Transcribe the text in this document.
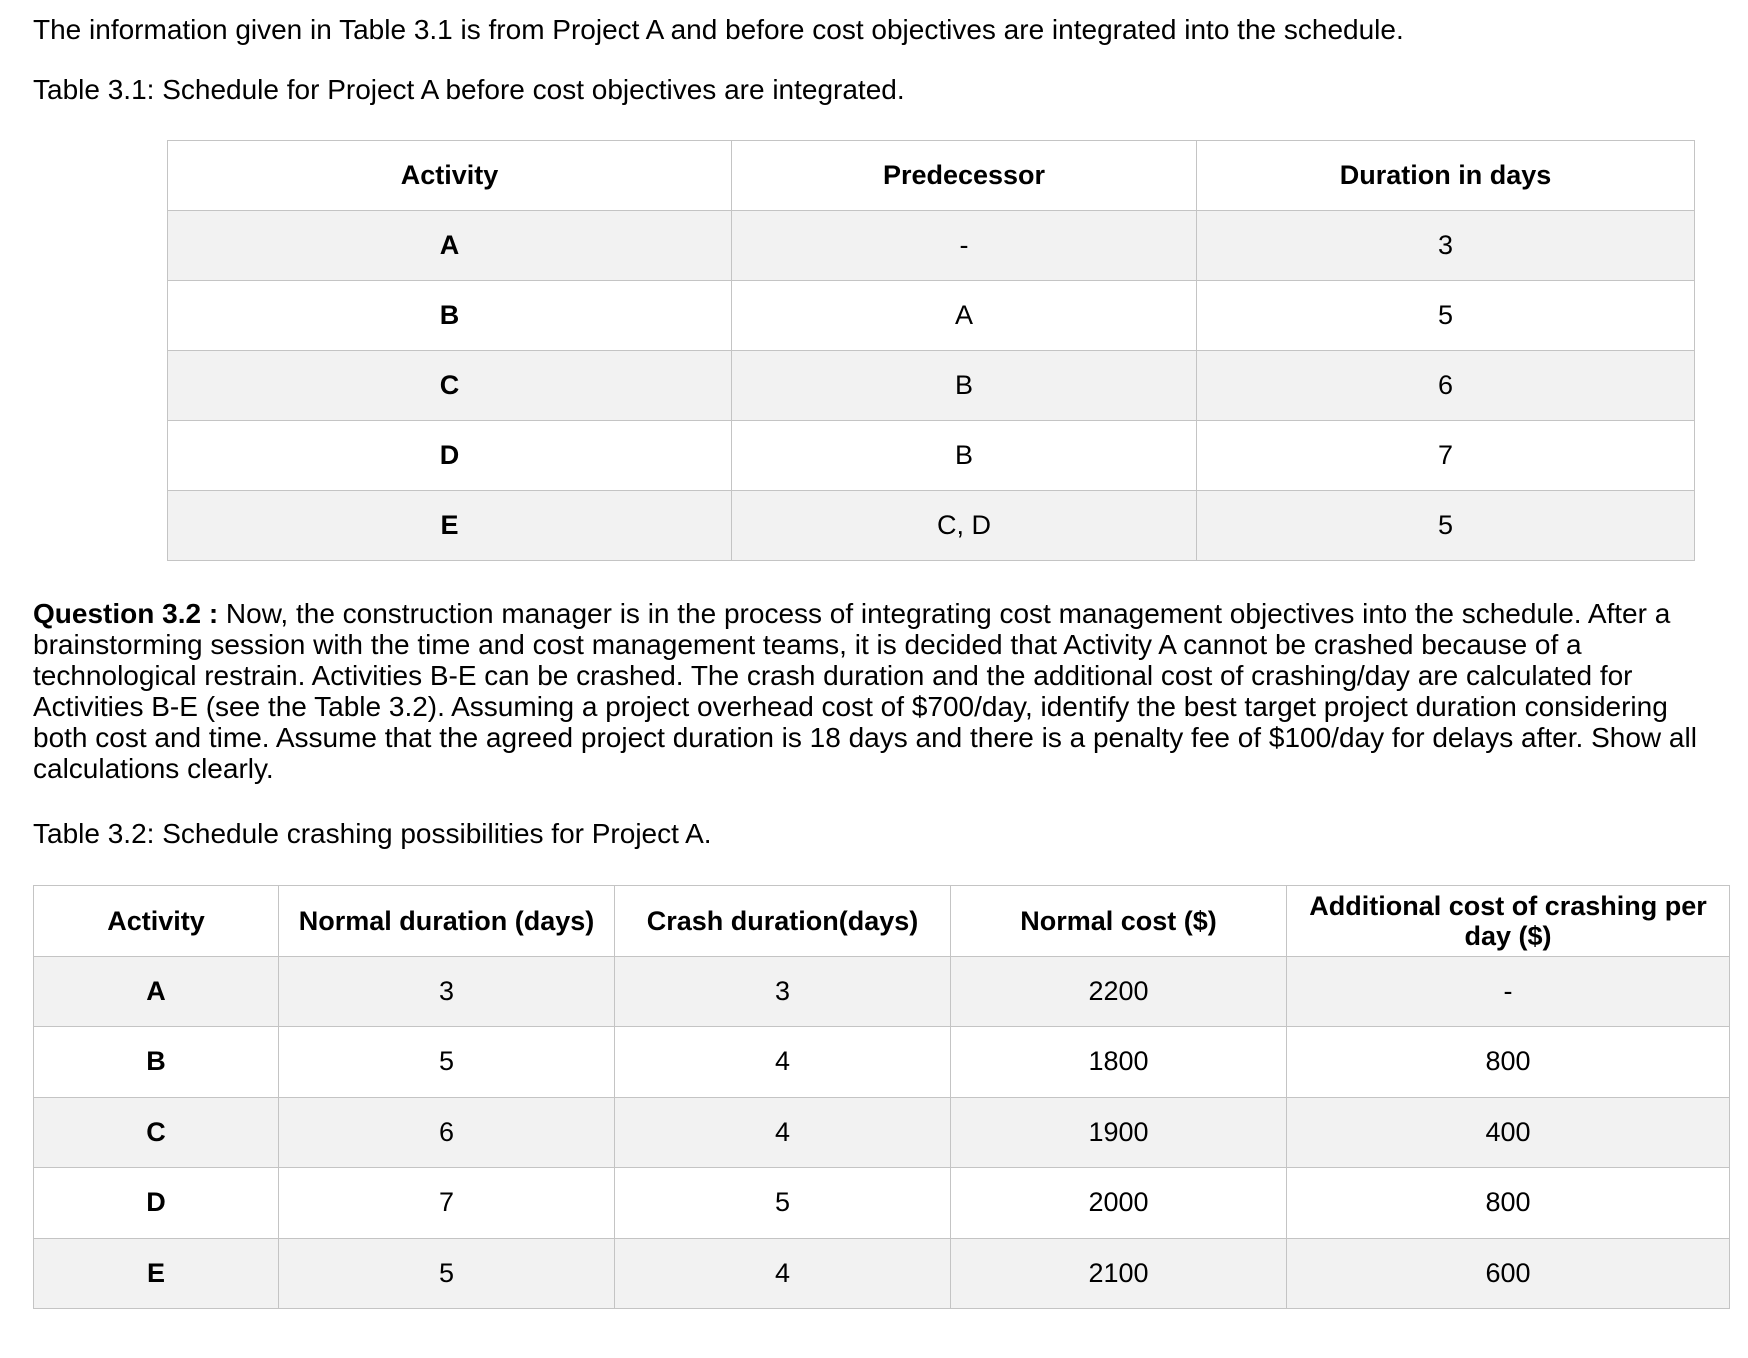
The information given in Table 3.1 is from Project A and before cost objectives are integrated into the schedule.

Table 3.1: Schedule for Project A before cost objectives are integrated.

Activity	Predecessor	Duration in days
A	-	3
B	A	5
C	B	6
D	B	7
E	C, D	5

Question 3.2 : Now, the construction manager is in the process of integrating cost management objectives into the schedule. After a brainstorming session with the time and cost management teams, it is decided that Activity A cannot be crashed because of a technological restrain. Activities B-E can be crashed. The crash duration and the additional cost of crashing/day are calculated for Activities B-E (see the Table 3.2). Assuming a project overhead cost of $700/day, identify the best target project duration considering both cost and time. Assume that the agreed project duration is 18 days and there is a penalty fee of $100/day for delays after. Show all calculations clearly.

Table 3.2: Schedule crashing possibilities for Project A.

Activity	Normal duration (days)	Crash duration(days)	Normal cost ($)	Additional cost of crashing per day ($)
A	3	3	2200	-
B	5	4	1800	800
C	6	4	1900	400
D	7	5	2000	800
E	5	4	2100	600
